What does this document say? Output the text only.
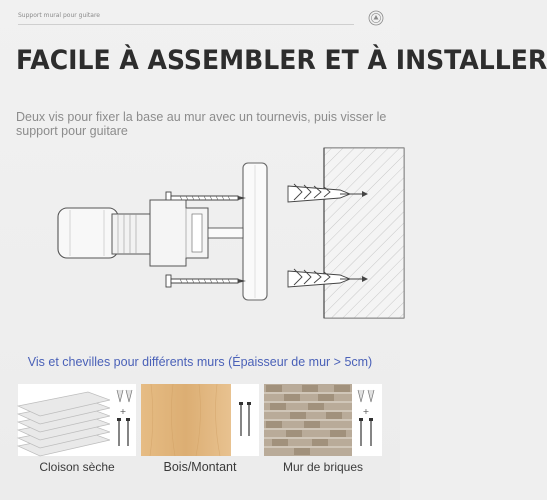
Support mural pour guitare
FACILE À ASSEMBLER ET À INSTALLER

Deux vis pour fixer la base au mur avec un tournevis, puis visser le support pour guitare

Vis et chevilles pour différents murs (Épaisseur de mur > 5cm)

+	+
Cloison sèche	Bois/Montant	Mur de briques
